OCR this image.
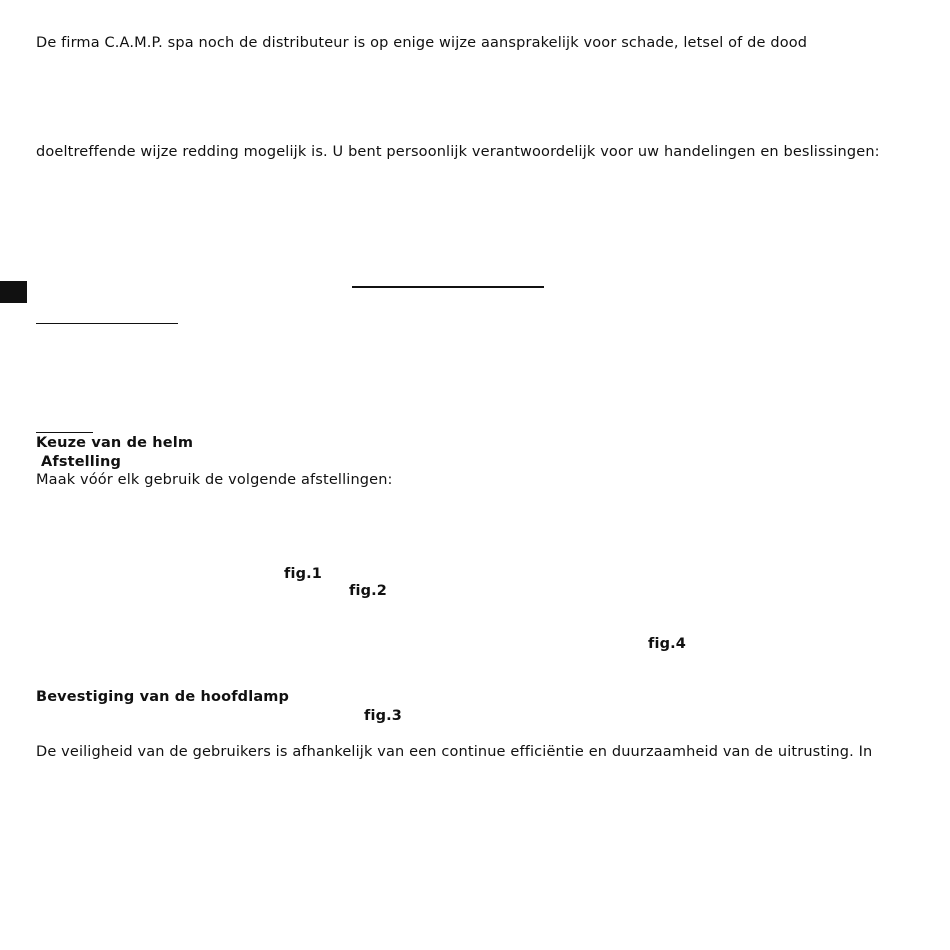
De firma C.A.M.P. spa noch de distributeur is op enige wijze aansprakelijk voor schade, letsel of de dood
doeltreffende wijze redding mogelijk is. U bent persoonlijk verantwoordelijk voor uw handelingen en beslissingen:
Keuze van de helm
Afstelling
Maak vóór elk gebruik de volgende afstellingen:
fig.1
fig.2
fig.4
Bevestiging van de hoofdlamp
fig.3
De veiligheid van de gebruikers is afhankelijk van een continue efficiëntie en duurzaamheid van de uitrusting. In
